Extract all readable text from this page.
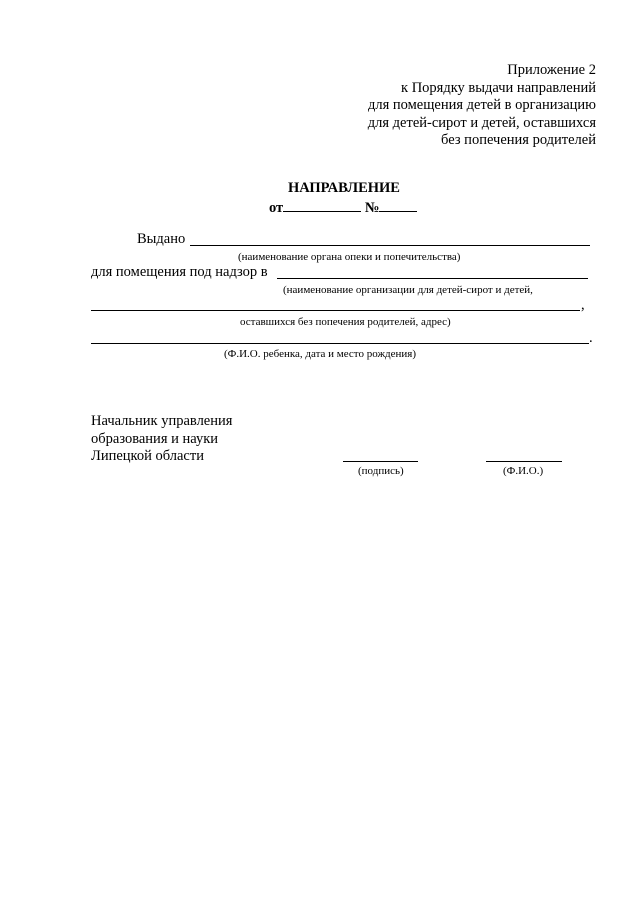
Приложение 2
к Порядку выдачи направлений
для помещения детей в организацию
для детей-сирот и детей, оставшихся
без попечения родителей
НАПРАВЛЕНИЕ
от	№
Выдано
(наименование органа опеки и попечительства)
для помещения под надзор в
(наименование организации для детей-сирот и детей,
,
оставшихся без попечения родителей, адрес)
.
(Ф.И.О. ребенка, дата и место рождения)
Начальник управления
образования и науки
Липецкой области
(подпись)	(Ф.И.О.)
